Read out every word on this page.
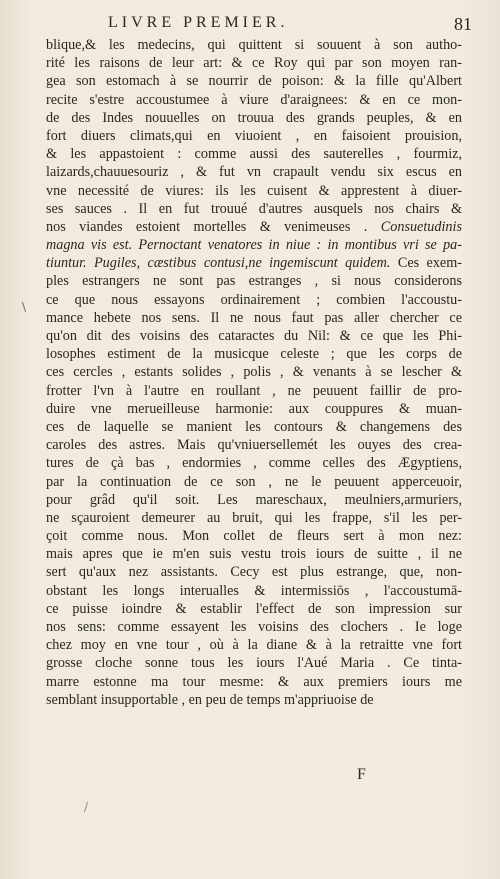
LIVRE PREMIER.	81
blique,& les medecins, qui quittent si souuent à son autho-
rité les raisons de leur art: & ce Roy qui par son moyen ran-
gea son estomach à se nourrir de poison: & la fille qu'Albert
recite s'estre accoustumee à viure d'araignees: & en ce mon-
de des Indes nouuelles on trouua des grands peuples, & en
fort diuers climats,qui en viuoient , en faisoient prouision,
& les appastoient : comme aussi des sauterelles , fourmiz,
laizards,chauuesouriz , & fut vn crapault vendu six escus en
vne necessité de viures: ils les cuisent & apprestent à diuer-
ses sauces . Il en fut trouué d'autres ausquels nos chairs &
nos viandes estoient mortelles & venimeuses . Consuetudinis
magna vis est. Pernoctant venatores in niue : in montibus vri se pa-
tiuntur. Pugiles, cæstibus contusi,ne ingemiscunt quidem. Ces exem-
ples estrangers ne sont pas estranges , si nous considerons
ce que nous essayons ordinairement ; combien l'accoustu-
mance hebete nos sens. Il ne nous faut pas aller chercher ce
qu'on dit des voisins des cataractes du Nil: & ce que les Phi-
losophes estiment de la musicque celeste ; que les corps de
ces cercles , estants solides , polis , & venants à se lescher &
frotter l'vn à l'autre en roullant , ne peuuent faillir de pro-
duire vne merueilleuse harmonie: aux couppures & muan-
ces de laquelle se manient les contours & changemens des
caroles des astres. Mais qu'vniuersellemét les ouyes des crea-
tures de çà bas , endormies , comme celles des Ægyptiens,
par la continuation de ce son , ne le peuuent apperceuoir,
pour grâd qu'il soit. Les mareschaux, meulniers,armuriers,
ne sçauroient demeurer au bruit, qui les frappe, s'il les per-
çoit comme nous. Mon collet de fleurs sert à mon nez:
mais apres que ie m'en suis vestu trois iours de suitte , il ne
sert qu'aux nez assistants. Cecy est plus estrange, que, non-
obstant les longs interualles & intermissiōs , l'accoustumā-
ce puisse ioindre & establir l'effect de son impression sur
nos sens: comme essayent les voisins des clochers . Ie loge
chez moy en vne tour , où à la diane & à la retraitte vne fort
grosse cloche sonne tous les iours l'Aué Maria . Ce tinta-
marre estonne ma tour mesme: & aux premiers iours me
semblant insupportable , en peu de temps m'appriuoise de
\
/
F
